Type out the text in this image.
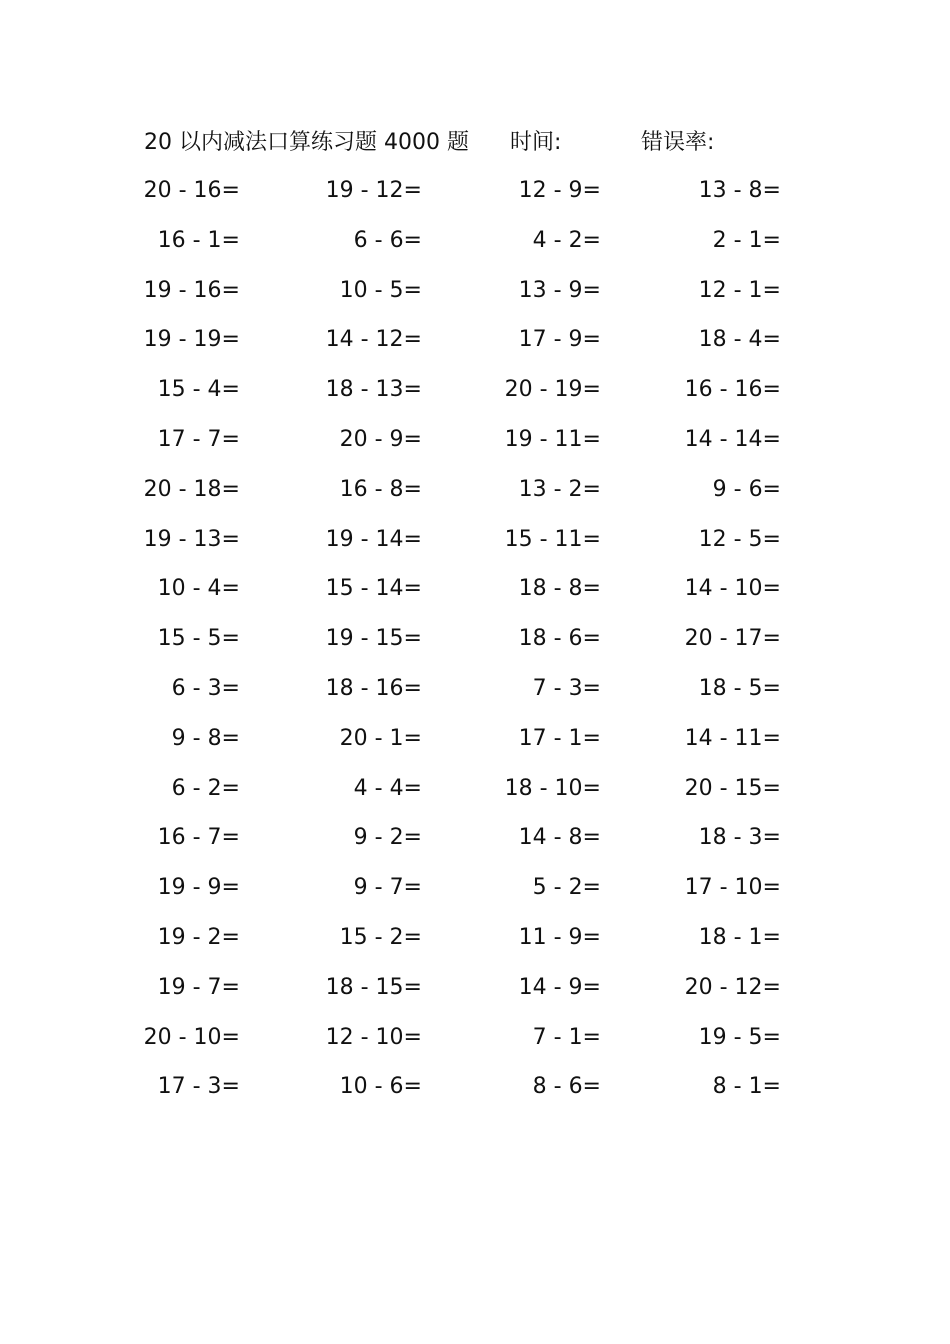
20 以内减法口算练习题 4000 题 时间:	错误率:
20 - 16=	19 - 12=	12 - 9=	13 - 8=
16 - 1=	6 - 6=	4 - 2=	2 - 1=
19 - 16=	10 - 5=	13 - 9=	12 - 1=
19 - 19=	14 - 12=	17 - 9=	18 - 4=
15 - 4=	18 - 13=	20 - 19=	16 - 16=
17 - 7=	20 - 9=	19 - 11=	14 - 14=
20 - 18=	16 - 8=	13 - 2=	9 - 6=
19 - 13=	19 - 14=	15 - 11=	12 - 5=
10 - 4=	15 - 14=	18 - 8=	14 - 10=
15 - 5=	19 - 15=	18 - 6=	20 - 17=
6 - 3=	18 - 16=	7 - 3=	18 - 5=
9 - 8=	20 - 1=	17 - 1=	14 - 11=
6 - 2=	4 - 4=	18 - 10=	20 - 15=
16 - 7=	9 - 2=	14 - 8=	18 - 3=
19 - 9=	9 - 7=	5 - 2=	17 - 10=
19 - 2=	15 - 2=	11 - 9=	18 - 1=
19 - 7=	18 - 15=	14 - 9=	20 - 12=
20 - 10=	12 - 10=	7 - 1=	19 - 5=
17 - 3=	10 - 6=	8 - 6=	8 - 1=
